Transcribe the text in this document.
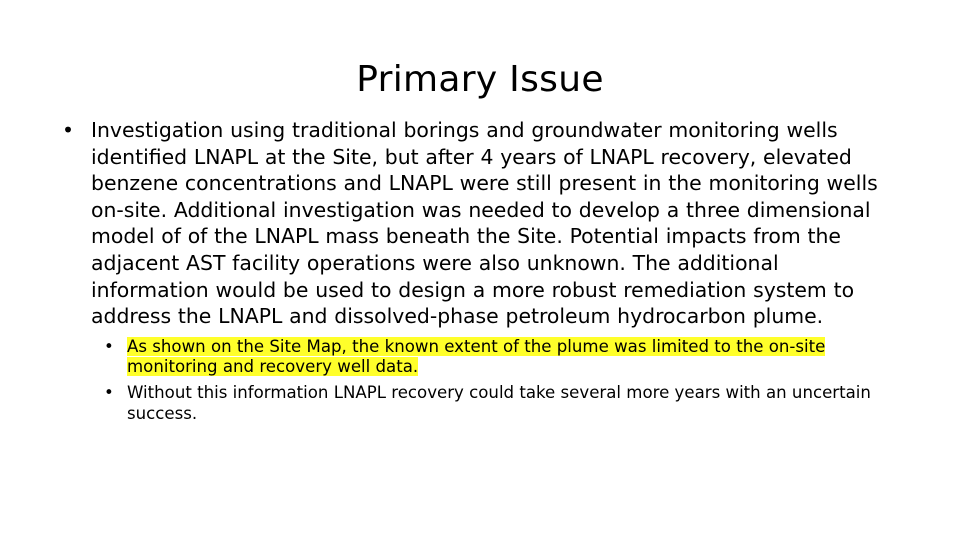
Primary Issue
• Investigation using traditional borings and groundwater monitoring wells identified LNAPL at the Site, but after 4 years of LNAPL recovery, elevated benzene concentrations and LNAPL were still present in the monitoring wells on-site. Additional investigation was needed to develop a three dimensional model of of the LNAPL mass beneath the Site. Potential impacts from the adjacent AST facility operations were also unknown. The additional information would be used to design a more robust remediation system to address the LNAPL and dissolved-phase petroleum hydrocarbon plume.
• As shown on the Site Map, the known extent of the plume was limited to the on-site monitoring and recovery well data.
• Without this information LNAPL recovery could take several more years with an uncertain success.
